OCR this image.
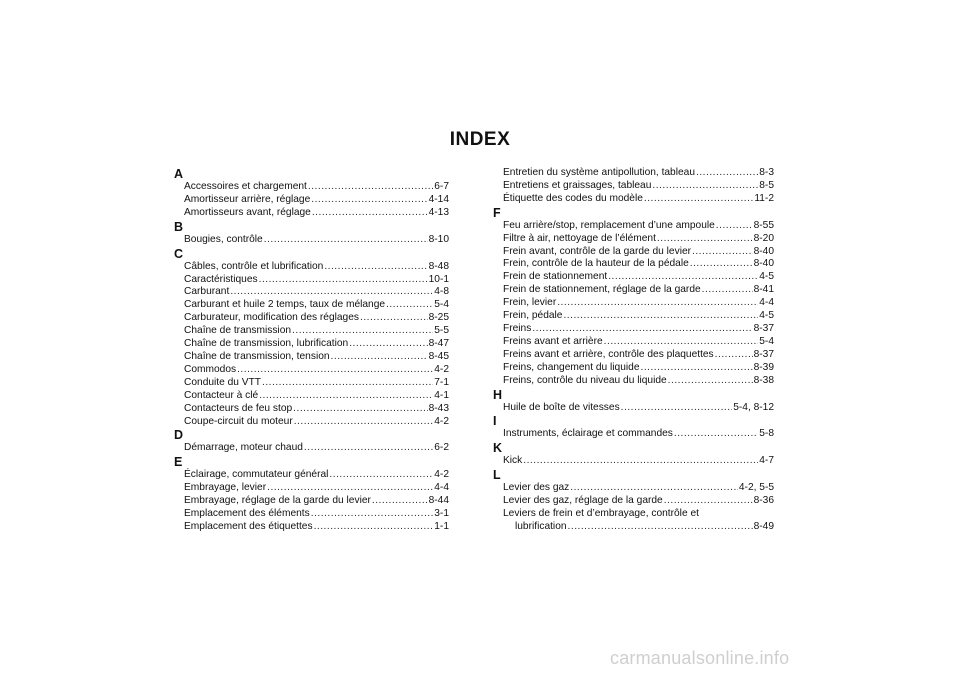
INDEX
A
Accessoires et chargement .....	6-7
Amortisseur arrière, réglage .....	4-14
Amortisseurs avant, réglage .....	4-13
B
Bougies, contrôle .....	8-10
C
Câbles, contrôle et lubrification .....	8-48
Caractéristiques .....	10-1
Carburant .....	4-8
Carburant et huile 2 temps, taux de mélange .....	5-4
Carburateur, modification des réglages .....	8-25
Chaîne de transmission .....	5-5
Chaîne de transmission, lubrification .....	8-47
Chaîne de transmission, tension .....	8-45
Commodos .....	4-2
Conduite du VTT .....	7-1
Contacteur à clé .....	4-1
Contacteurs de feu stop .....	8-43
Coupe-circuit du moteur .....	4-2
D
Démarrage, moteur chaud .....	6-2
E
Éclairage, commutateur général .....	4-2
Embrayage, levier .....	4-4
Embrayage, réglage de la garde du levier .....	8-44
Emplacement des éléments .....	3-1
Emplacement des étiquettes .....	1-1
Entretien du système antipollution, tableau .....	8-3
Entretiens et graissages, tableau .....	8-5
Étiquette des codes du modèle .....	11-2
F
Feu arrière/stop, remplacement d’une ampoule .....	8-55
Filtre à air, nettoyage de l’élément .....	8-20
Frein avant, contrôle de la garde du levier .....	8-40
Frein, contrôle de la hauteur de la pédale .....	8-40
Frein de stationnement .....	4-5
Frein de stationnement, réglage de la garde .....	8-41
Frein, levier .....	4-4
Frein, pédale .....	4-5
Freins .....	8-37
Freins avant et arrière .....	5-4
Freins avant et arrière, contrôle des plaquettes .....	8-37
Freins, changement du liquide .....	8-39
Freins, contrôle du niveau du liquide .....	8-38
H
Huile de boîte de vitesses .....	5-4, 8-12
I
Instruments, éclairage et commandes .....	5-8
K
Kick .....	4-7
L
Levier des gaz .....	4-2, 5-5
Levier des gaz, réglage de la garde .....	8-36
Leviers de frein et d’embrayage, contrôle et
lubrification .....	8-49
carmanualsonline.info
